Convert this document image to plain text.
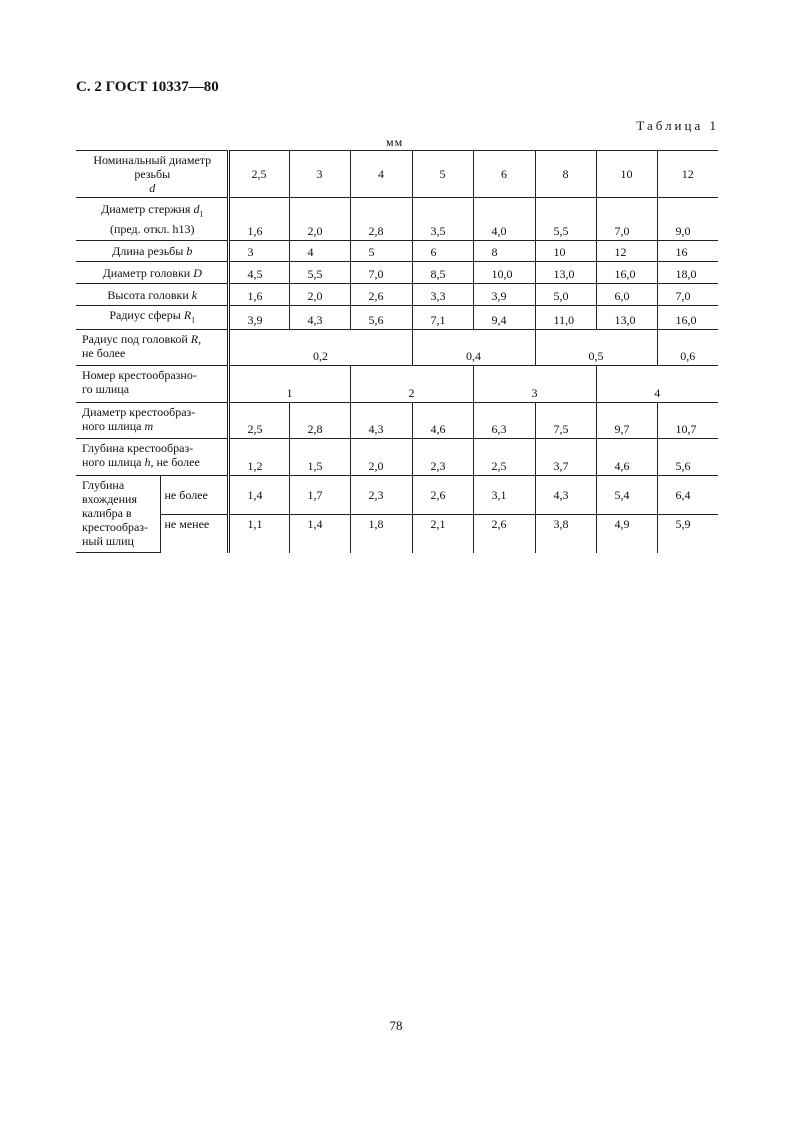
С. 2 ГОСТ 10337—80
Таблица 1
мм
Номинальный диаметр резьбы
d		2,5	3	4	5	6	8	10	12
Диаметр стержня $d_1$
(пред. откл. h13)		1,6	2,0	2,8	3,5	4,0	5,5	7,0	9,0
Длина резьбы b		3	4	5	6	8	10	12	16
Диаметр головки D		4,5	5,5	7,0	8,5	10,0	13,0	16,0	18,0
Высота головки k		1,6	2,0	2,6	3,3	3,9	5,0	6,0	7,0
Радиус сферы $R_1$		3,9	4,3	5,6	7,1	9,4	11,0	13,0	16,0
Радиус под головкой R,
не более		0,2			0,4		0,5		0,6
Номер крестообразно-
го шлица		1		2		3		4	
Диаметр крестообраз-
ного шлица m		2,5	2,8	4,3	4,6	6,3	7,5	9,7	10,7
Глубина крестообраз-
ного шлица h, не более		1,2	1,5	2,0	2,3	2,5	3,7	4,6	5,6
Глубина
вхождения
калибра в
крестообраз-
ный шлиц	не более	1,4	1,7	2,3	2,6	3,1	4,3	5,4	6,4
	не менее	1,1	1,4	1,8	2,1	2,6	3,8	4,9	5,9
78
